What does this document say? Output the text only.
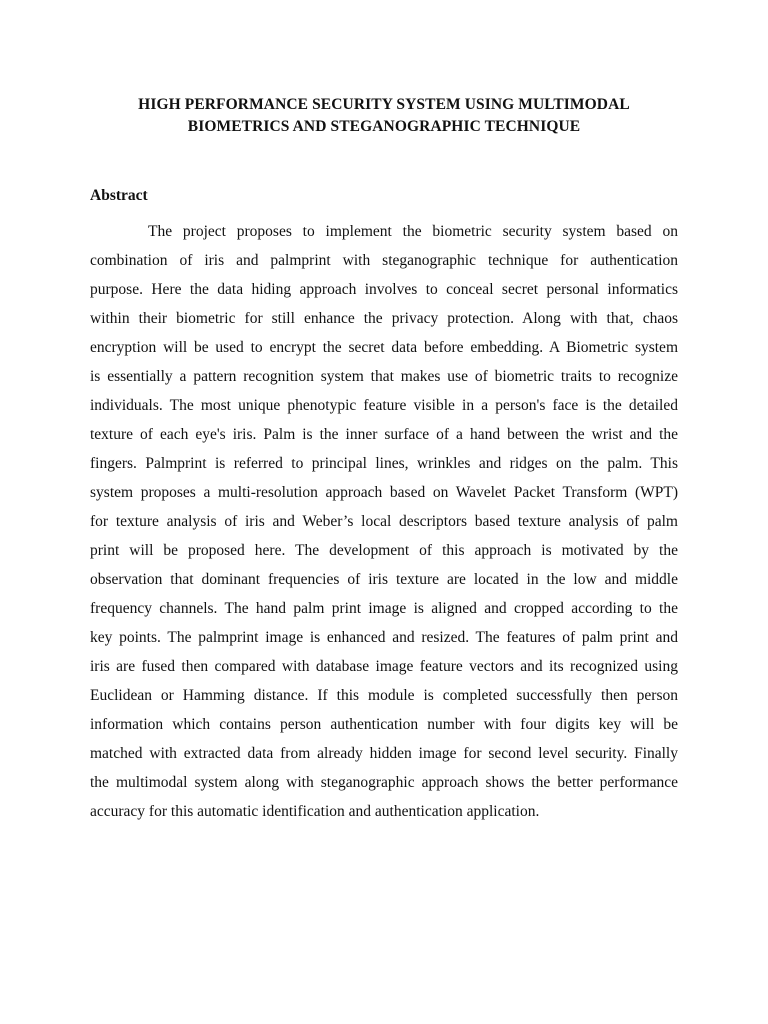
HIGH PERFORMANCE SECURITY SYSTEM USING MULTIMODAL
BIOMETRICS AND STEGANOGRAPHIC TECHNIQUE
Abstract
The project proposes to implement the biometric security system based on
combination of iris and palmprint with steganographic technique for authentication
purpose. Here the data hiding approach involves to conceal secret personal informatics
within their biometric for still enhance the privacy protection. Along with that, chaos
encryption will be used to encrypt the secret data before embedding. A Biometric system
is essentially a pattern recognition system that makes use of biometric traits to recognize
individuals. The most unique phenotypic feature visible in a person's face is the detailed
texture of each eye's iris. Palm is the inner surface of a hand between the wrist and the
fingers. Palmprint is referred to principal lines, wrinkles and ridges on the palm. This
system proposes a multi-resolution approach based on Wavelet Packet Transform (WPT)
for texture analysis of iris and Weber’s local descriptors based texture analysis of palm
print will be proposed here. The development of this approach is motivated by the
observation that dominant frequencies of iris texture are located in the low and middle
frequency channels. The hand palm print image is aligned and cropped according to the
key points. The palmprint image is enhanced and resized. The features of palm print and
iris are fused then compared with database image feature vectors and its recognized using
Euclidean or Hamming distance. If this module is completed successfully then person
information which contains person authentication number with four digits key will be
matched with extracted data from already hidden image for second level security. Finally
the multimodal system along with steganographic approach shows the better performance
accuracy for this automatic identification and authentication application.
